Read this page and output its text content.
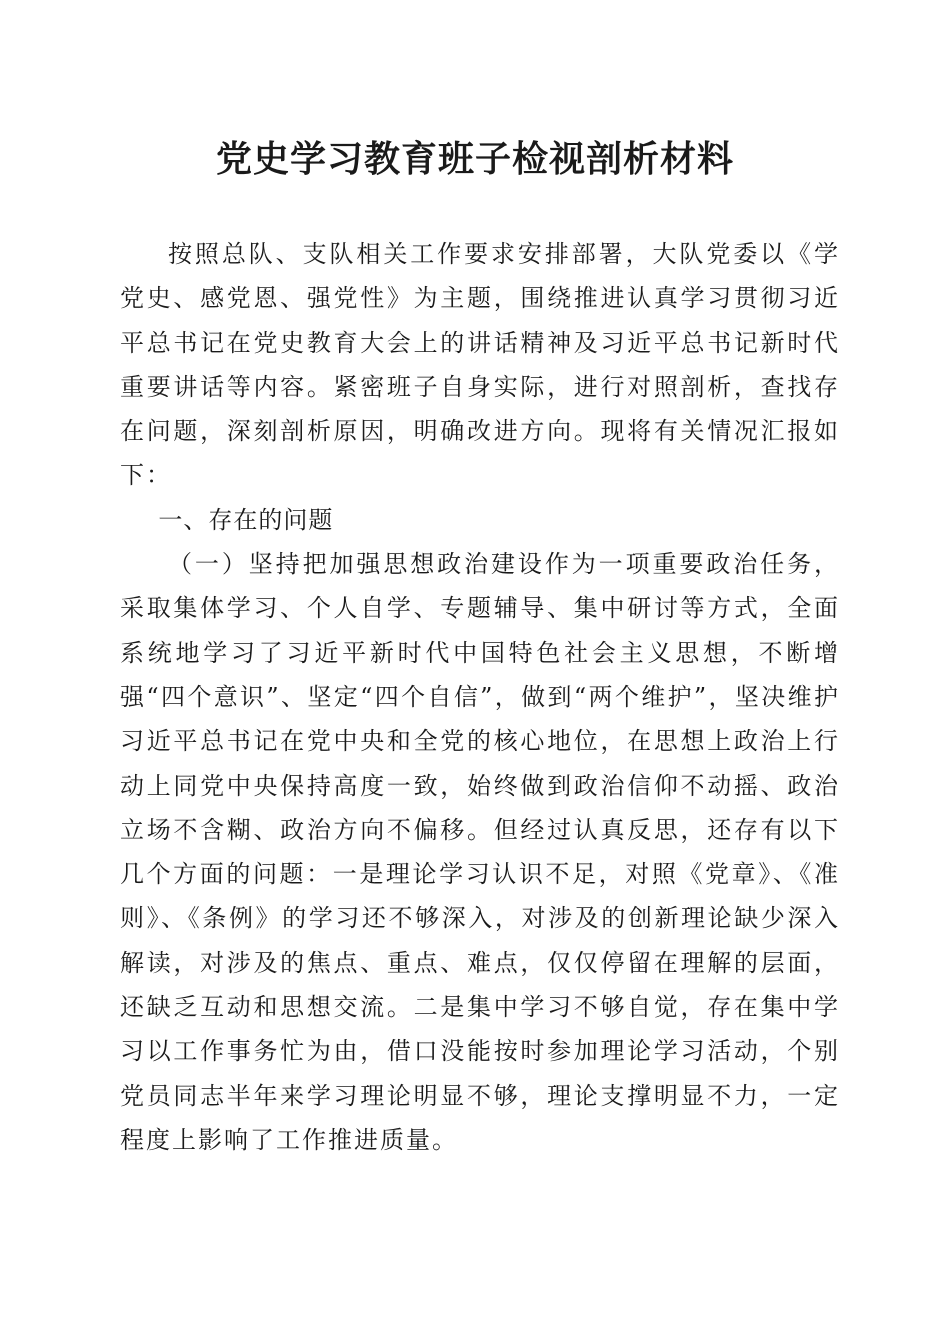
党史学习教育班子检视剖析材料

按照总队、支队相关工作要求安排部署，大队党委以《学党史、感党恩、强党性》为主题，围绕推进认真学习贯彻习近平总书记在党史教育大会上的讲话精神及习近平总书记新时代重要讲话等内容。紧密班子自身实际，进行对照剖析，查找存在问题，深刻剖析原因，明确改进方向。现将有关情况汇报如下：

一、存在的问题

（一）坚持把加强思想政治建设作为一项重要政治任务，采取集体学习、个人自学、专题辅导、集中研讨等方式，全面系统地学习了习近平新时代中国特色社会主义思想，不断增强“四个意识”、坚定“四个自信”，做到“两个维护”，坚决维护习近平总书记在党中央和全党的核心地位，在思想上政治上行动上同党中央保持高度一致，始终做到政治信仰不动摇、政治立场不含糊、政治方向不偏移。但经过认真反思，还存有以下几个方面的问题：一是理论学习认识不足，对照《党章》、《准则》、《条例》的学习还不够深入，对涉及的创新理论缺少深入解读，对涉及的焦点、重点、难点，仅仅停留在理解的层面，还缺乏互动和思想交流。二是集中学习不够自觉，存在集中学习以工作事务忙为由，借口没能按时参加理论学习活动，个别党员同志半年来学习理论明显不够，理论支撑明显不力，一定程度上影响了工作推进质量。
